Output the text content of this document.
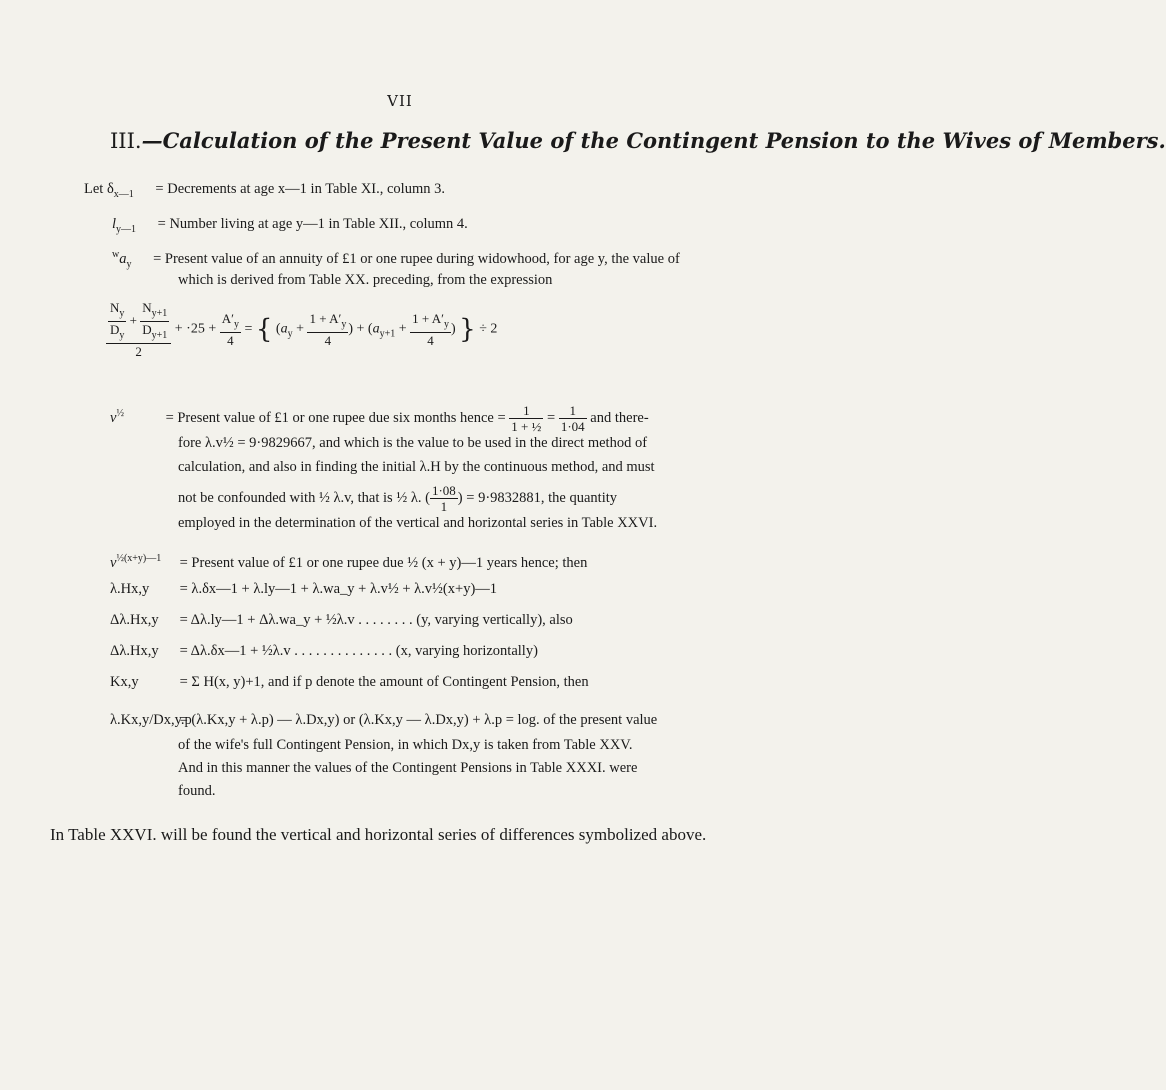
VII
III.—Calculation of the Present Value of the Contingent Pension to the Wives of Members.
Let $\delta_{x—1}$ = Decrements at age x—1 in Table XI., column 3.
$l_{y—1}$ = Number living at age y—1 in Table XII., column 4.
$^wa_y$ = Present value of an annuity of £1 or one rupee during widowhood, for age y, the value of
which is derived from Table XX. preceding, from the expression
$\frac{\frac{N_y}{D_y} + \frac{N_{y+1}}{D_{y+1}}}{2} + \cdot 25 + \frac{A'_y}{4}$ = { ($a_y + \frac{1 + A'_y}{4}$ ) + ($a_{y+1} + \frac{1 + A'_y}{4}$ ) } ÷ 2
$v^{\frac{1}{2}}$	= Present value of £1 or one rupee due six months hence = $\frac{1}{\text{1 + ½}} = \frac{1}{1\cdot 04}$ and there-
fore λ.v½ = 9·9829667, and which is the value to be used in the direct method of
calculation, and also in finding the initial λ.H by the continuous method, and must
not be confounded with ½ λ.v, that is ½ λ. ( $\frac{1\cdot 08}{1}$ ) = 9·9832881, the quantity
employed in the determination of the vertical and horizontal series in Table XXVI.
$v^{\frac{1}{2}(x+y)—1}$ = Present value of £1 or one rupee due ½ (x + y)—1 years hence; then
λ.Hx,y = λ.δx—1 + λ.ly—1 + λ.wa_y + λ.v½ + λ.v½(x+y)—1
Δλ.Hx,y = Δλ.ly—1 + Δλ.wa_y + ½λ.v . . . . . . . . (y, varying vertically), also
Δλ.Hx,y = Δλ.δx—1 + ½λ.v . . . . . . . . . . . . . . (x, varying horizontally)
Kx,y	= Σ H(x, y)+1, and if p denote the amount of Contingent Pension, then
λ.Kx,y/Dx,y.p = (λ.Kx,y + λ.p) — λ.Dx,y) or (λ.Kx,y — λ.Dx,y) + λ.p = log. of the present value
of the wife's full Contingent Pension, in which Dx,y is taken from Table XXV.
And in this manner the values of the Contingent Pensions in Table XXXI. were
found.
In Table XXVI. will be found the vertical and horizontal series of differences symbolized above.
